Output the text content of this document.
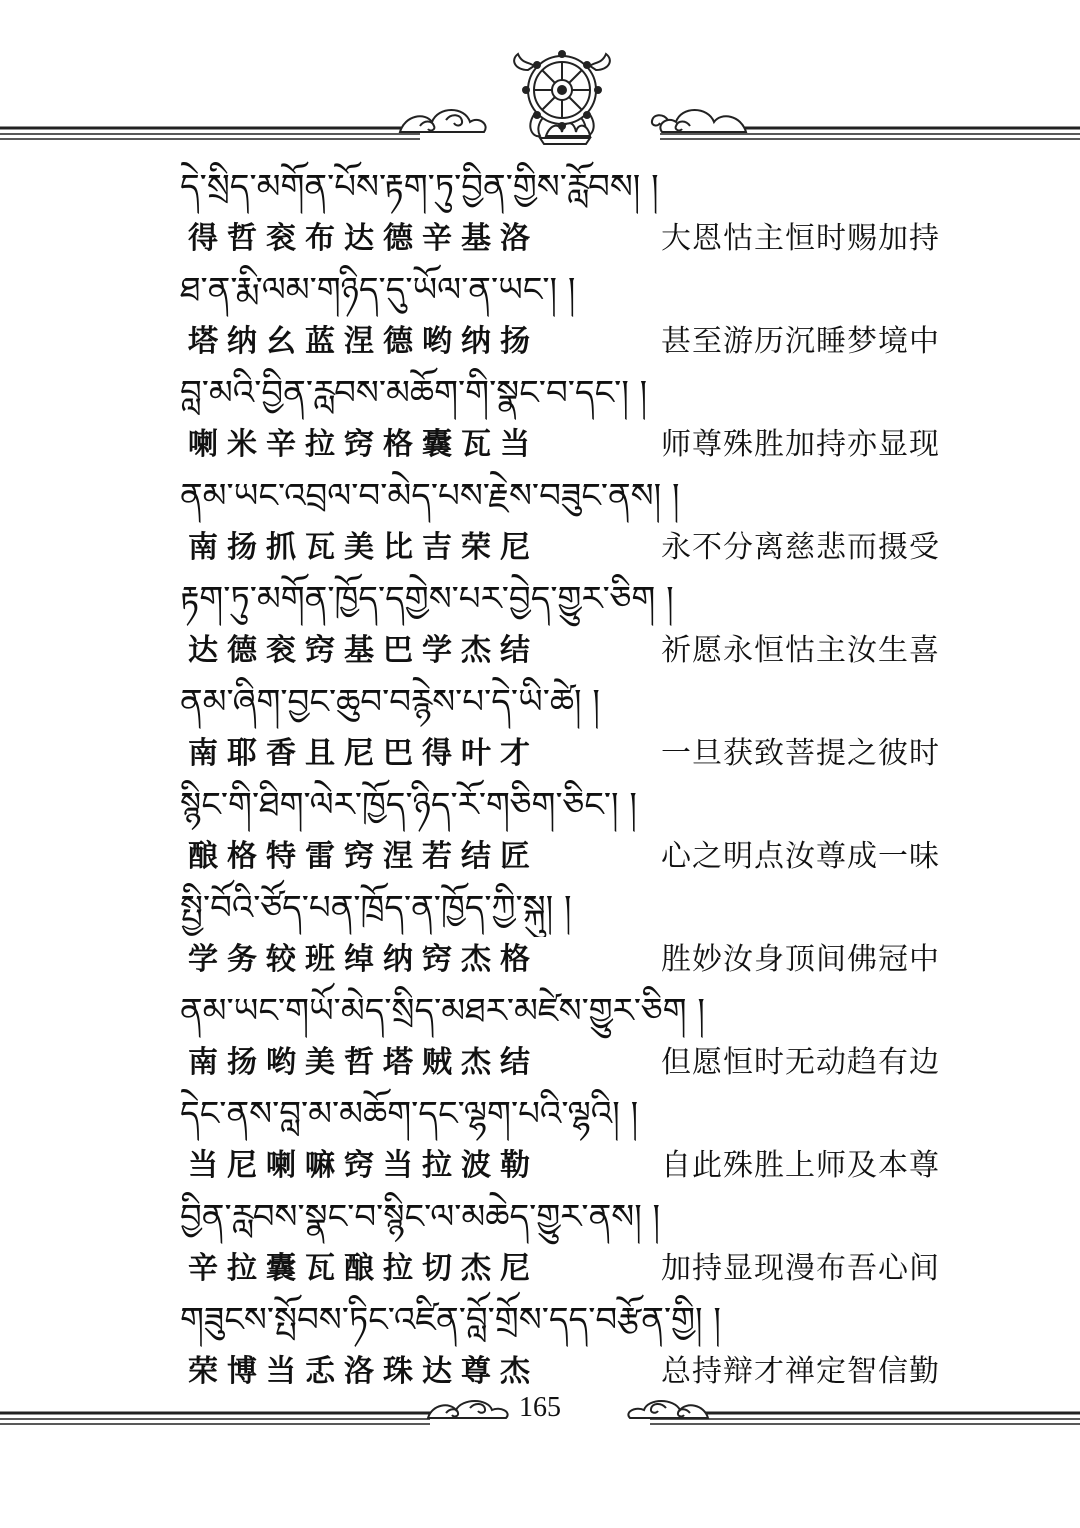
དེ་སྲིད་མགོན་པོས་རྟག་ཏུ་བྱིན་གྱིས་རློབས། །
得哲衮布达德辛基洛	大恩怙主恒时赐加持
ཐ་ན་རྨི་ལམ་གཉིད་དུ་ཡོལ་ན་ཡང་། །
塔纳幺蓝涅德哟纳扬	甚至游历沉睡梦境中
བླ་མའི་བྱིན་རླབས་མཆོག་གི་སྣང་བ་དང་། །
喇米辛拉窍格囊瓦当	师尊殊胜加持亦显现
ནམ་ཡང་འབྲལ་བ་མེད་པས་རྗེས་བཟུང་ནས། །
南扬抓瓦美比吉荣尼	永不分离慈悲而摄受
རྟག་ཏུ་མགོན་ཁྱོད་དགྱེས་པར་བྱེད་གྱུར་ཅིག །
达德衮窍基巴学杰结	祈愿永恒怙主汝生喜
ནམ་ཞིག་བྱང་ཆུབ་བརྙེས་པ་དེ་ཡི་ཚེ། །
南耶香且尼巴得叶才	一旦获致菩提之彼时
སྙིང་གི་ཐིག་ལེར་ཁྱོད་ཉིད་རོ་གཅིག་ཅིང་། །
酿格特雷窍涅若结匠	心之明点汝尊成一味
སྤྱི་བོའི་ཙོད་པན་ཁྲོད་ན་ཁྱོད་ཀྱི་སྐུ། །
学务较班绰纳窍杰格	胜妙汝身顶间佛冠中
ནམ་ཡང་གཡོ་མེད་སྲིད་མཐར་མཛེས་གྱུར་ཅིག །
南扬哟美哲塔贼杰结	但愿恒时无动趋有边
དེང་ནས་བླ་མ་མཆོག་དང་ལྷག་པའི་ལྷའི། །
当尼喇嘛窍当拉波勒	自此殊胜上师及本尊
བྱིན་རླབས་སྣང་བ་སྙིང་ལ་མཆེད་གྱུར་ནས། །
辛拉囊瓦酿拉切杰尼	加持显现漫布吾心间
གཟུངས་སྤོབས་ཏིང་འཛིན་བློ་གྲོས་དད་བརྩོན་གྱི། །
荣博当忎洛珠达尊杰	总持辩才禅定智信勤
165
